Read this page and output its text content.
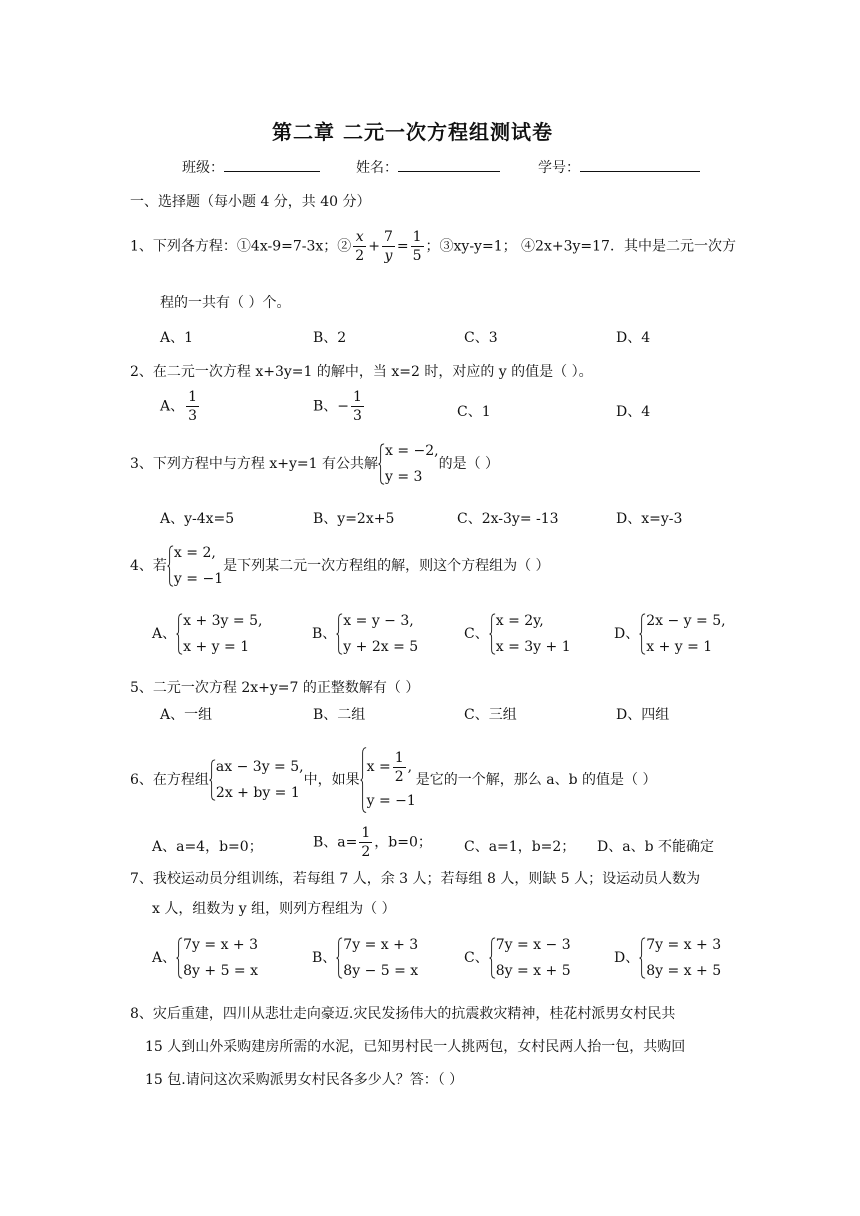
第二章 二元一次方程组测试卷
班级：	姓名：	学号：
一、选择题（每小题 4 分，共 40 分）
1、下列各方程：①4x-9=7-3x；② $\frac{x}{2} + \frac{7}{y} = \frac{1}{5}$ ；③xy-y=1； ④2x+3y=17．其中是二元一次方
程的一共有（ ）个。
A、1	B、2	C、3	D、4
2、在二元一次方程 x+3y=1 的解中，当 x=2 时，对应的 y 的值是（ ）。
A、 $\frac{1}{3}$	B、− $\frac{1}{3}$	C、1	D、4
3、下列方程中与方程 x+y=1 有公共解
x = −2,
y = 3
的是（ ）
A、y-4x=5	B、y=2x+5	C、2x-3y= -13	D、x=y-3
4、若
x = 2,
y = −1
是下列某二元一次方程组的解，则这个方程组为（ ）
A、
x + 3y = 5,
x + y = 1
B、
x = y − 3,
y + 2x = 5
C、
x = 2y,
x = 3y + 1
D、
2x − y = 5,
x + y = 1
5、二元一次方程 2x+y=7 的正整数解有（ ）
A、一组	B、二组	C、三组	D、四组
6、在方程组
ax − 3y = 5,
2x + by = 1
中，如果
$x = \frac{1}{2}$ ,
y = −1
是它的一个解，那么 a、b 的值是（ ）
A、a=4，b=0；	B、$a= \frac{1}{2}$ ，b=0； C、a=1，b=2； D、a、b 不能确定
7、我校运动员分组训练，若每组 7 人，余 3 人；若每组 8 人，则缺 5 人；设运动员人数为
x 人，组数为 y 组，则列方程组为（ ）
A、
7y = x + 3
8y + 5 = x
B、
7y = x + 3
8y − 5 = x
C、
7y = x − 3
8y = x + 5
D、
7y = x + 3
8y = x + 5
8、灾后重建，四川从悲壮走向豪迈.灾民发扬伟大的抗震救灾精神，桂花村派男女村民共
15 人到山外采购建房所需的水泥，已知男村民一人挑两包，女村民两人抬一包，共购回
15 包.请问这次采购派男女村民各多少人？答：（ ）
